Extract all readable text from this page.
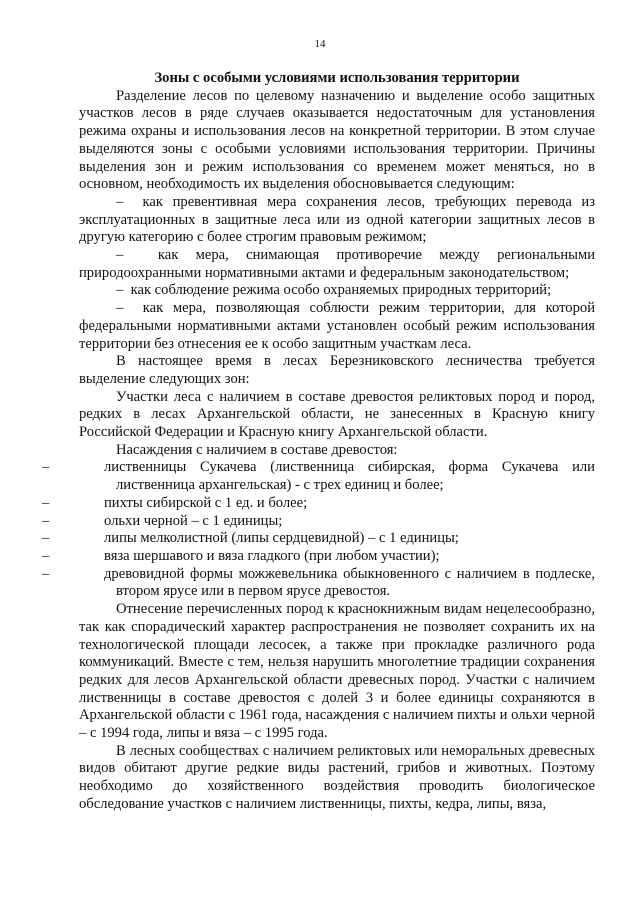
14

Зоны с особыми условиями использования территории

Разделение лесов по целевому назначению и выделение особо защитных участков лесов в ряде случаев оказывается недостаточным для установления режима охраны и использования лесов на конкретной территории. В этом случае выделяются зоны с особыми условиями использования территории. Причины выделения зон и режим использования со временем может меняться, но в основном, необходимость их выделения обосновывается следующим:

– как превентивная мера сохранения лесов, требующих перевода из эксплуатационных в защитные леса или из одной категории защитных лесов в другую категорию с более строгим правовым режимом;

– как мера, снимающая противоречие между региональными природоохранными нормативными актами и федеральным законодательством;

– как соблюдение режима особо охраняемых природных территорий;

– как мера, позволяющая соблюсти режим территории, для которой федеральными нормативными актами установлен особый режим использования территории без отнесения ее к особо защитным участкам леса.

В настоящее время в лесах Березниковского лесничества требуется выделение следующих зон:

Участки леса с наличием в составе древостоя реликтовых пород и пород, редких в лесах Архангельской области, не занесенных в Красную книгу Российской Федерации и Красную книгу Архангельской области.

Насаждения с наличием в составе древостоя:

–	лиственницы Сукачева (лиственница сибирская, форма Сукачева или лиственница архангельская) - с трех единиц и более;

–	пихты сибирской с 1 ед. и более;

–	ольхи черной – с 1 единицы;

–	липы мелколистной (липы сердцевидной) – с 1 единицы;

–	вяза шершавого и вяза гладкого (при любом участии);

–	древовидной формы можжевельника обыкновенного с наличием в подлеске, втором ярусе или в первом ярусе древостоя.

Отнесение перечисленных пород к краснокнижным видам нецелесообразно, так как спорадический характер распространения не позволяет сохранить их на технологической площади лесосек, а также при прокладке различного рода коммуникаций. Вместе с тем, нельзя нарушить многолетние традиции сохранения редких для лесов Архангельской области древесных пород. Участки с наличием лиственницы в составе древостоя с долей 3 и более единицы сохраняются в Архангельской области с 1961 года, насаждения с наличием пихты и ольхи черной – с 1994 года, липы и вяза – с 1995 года.

В лесных сообществах с наличием реликтовых или неморальных древесных видов обитают другие редкие виды растений, грибов и животных. Поэтому необходимо до хозяйственного воздействия проводить биологическое обследование участков с наличием лиственницы, пихты, кедра, липы, вяза,
